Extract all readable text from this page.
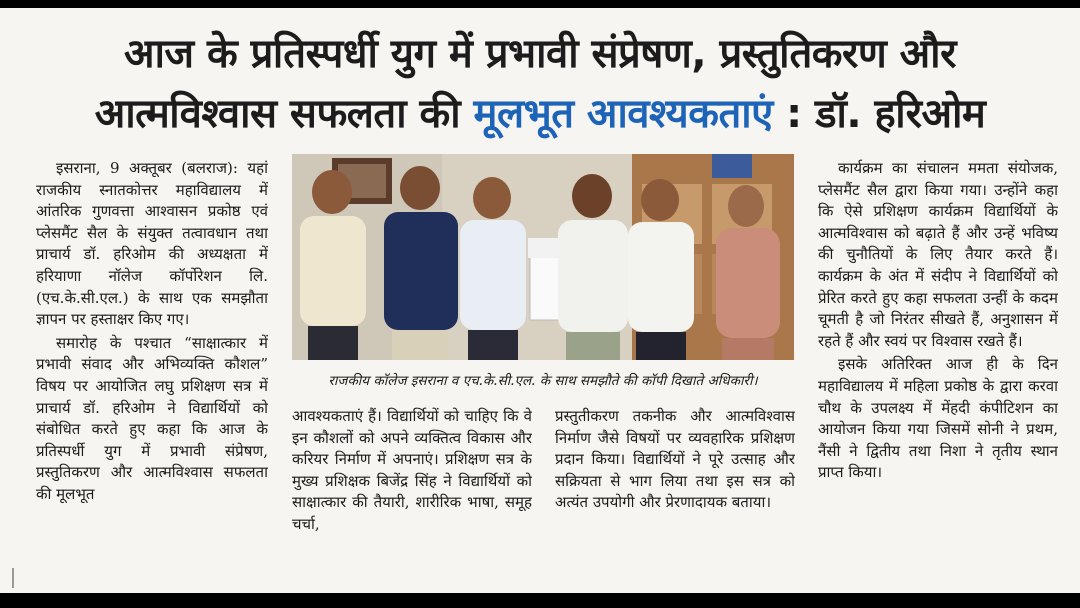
आज के प्रतिस्पर्धी युग में प्रभावी संप्रेषण, प्रस्तुतिकरण और
आत्मविश्वास सफलता की मूलभूत आवश्यकताएं : डॉ. हरिओम

इसराना, 9 अक्तूबर (बलराज): यहां राजकीय स्नातकोत्तर महाविद्यालय में आंतरिक गुणवत्ता आश्वासन प्रकोष्ठ एवं प्लेसमैंट सैल के संयुक्त तत्वावधान तथा प्राचार्य डॉ. हरिओम की अध्यक्षता में हरियाणा नॉलेज कॉर्पोरेशन लि. (एच.के.सी.एल.) के साथ एक समझौता ज्ञापन पर हस्ताक्षर किए गए।

समारोह के पश्चात “साक्षात्कार में प्रभावी संवाद और अभिव्यक्ति कौशल” विषय पर आयोजित लघु प्रशिक्षण सत्र में प्राचार्य डॉ. हरिओम ने विद्यार्थियों को संबोधित करते हुए कहा कि आज के प्रतिस्पर्धी युग में प्रभावी संप्रेषण, प्रस्तुतिकरण और आत्मविश्वास सफलता की मूलभूत

राजकीय कॉलेज इसराना व एच.के.सी.एल. के साथ समझौते की कॉपी दिखाते अधिकारी।

आवश्यकताएं हैं। विद्यार्थियों को चाहिए कि वे इन कौशलों को अपने व्यक्तित्व विकास और करियर निर्माण में अपनाएं। प्रशिक्षण सत्र के मुख्य प्रशिक्षक बिजेंद्र सिंह ने विद्यार्थियों को साक्षात्कार की तैयारी, शारीरिक भाषा, समूह चर्चा,

प्रस्तुतीकरण तकनीक और आत्मविश्वास निर्माण जैसे विषयों पर व्यवहारिक प्रशिक्षण प्रदान किया। विद्यार्थियों ने पूरे उत्साह और सक्रियता से भाग लिया तथा इस सत्र को अत्यंत उपयोगी और प्रेरणादायक बताया।

कार्यक्रम का संचालन ममता संयोजक, प्लेसमैंट सैल द्वारा किया गया। उन्होंने कहा कि ऐसे प्रशिक्षण कार्यक्रम विद्यार्थियों के आत्मविश्वास को बढ़ाते हैं और उन्हें भविष्य की चुनौतियों के लिए तैयार करते हैं। कार्यक्रम के अंत में संदीप ने विद्यार्थियों को प्रेरित करते हुए कहा सफलता उन्हीं के कदम चूमती है जो निरंतर सीखते हैं, अनुशासन में रहते हैं और स्वयं पर विश्वास रखते हैं।

इसके अतिरिक्त आज ही के दिन महाविद्यालय में महिला प्रकोष्ठ के द्वारा करवा चौथ के उपलक्ष्य में मेंहदी कंपीटिशन का आयोजन किया गया जिसमें सोनी ने प्रथम, नैंसी ने द्वितीय तथा निशा ने तृतीय स्थान प्राप्त किया।
